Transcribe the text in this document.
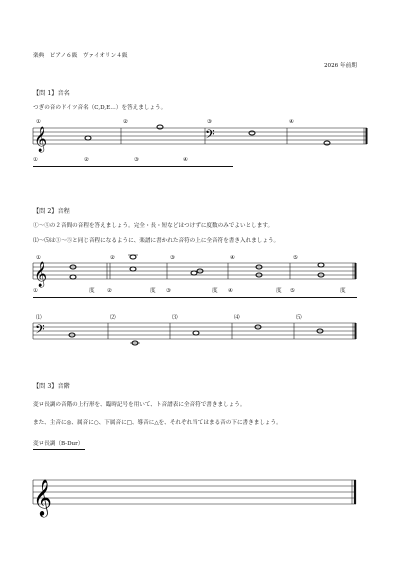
楽典　ピアノ６級　ヴァイオリン４級
2026 年前期
【問 1】音名
つぎの音のドイツ音名（C,D,E…）を答えましょう。
①	②	③	④
𝄞	𝄢
①	②	③	④
【問 2】音程
①～⑤の２音間の音程を答えましょう。完全・長・短などはつけずに度数のみでよいとします。
⑴～⑸は①～⑤と同じ音程になるように、楽譜に書かれた音符の上に全音符を書き入れましょう。
①	②	③	④	⑤
𝄞
①	度 ②	度 ③	度 ④	度 ⑤	度
⑴	⑵	⑶	⑷	⑸
𝄢
【問 3】音階
変ロ長調の音階の上行形を、臨時記号を用いて、ト音譜表に全音符で書きましょう。
また、主音に◎、属音に○、下属音に□、導音に△を、それぞれ当てはまる音の下に書きましょう。
変ロ長調（B-Dur）
𝄞
